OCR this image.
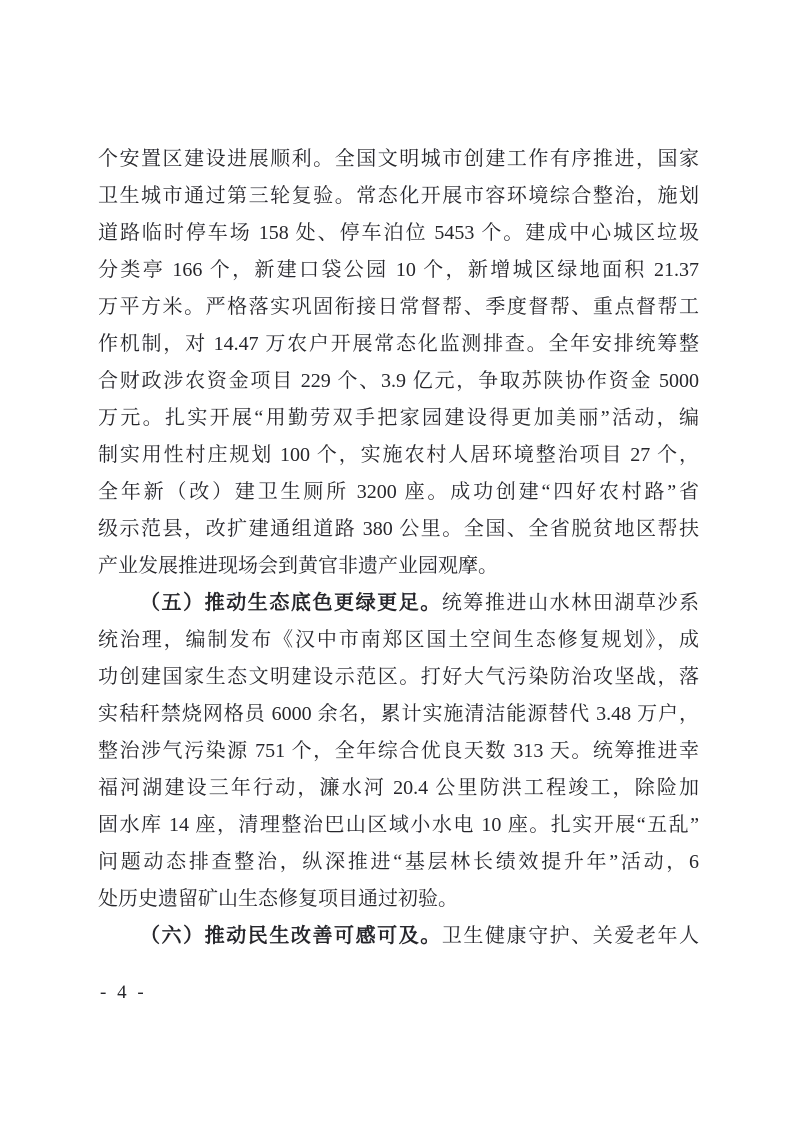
个安置区建设进展顺利。全国文明城市创建工作有序推进，国家
卫生城市通过第三轮复验。常态化开展市容环境综合整治，施划
道路临时停车场 158 处、停车泊位 5453 个。建成中心城区垃圾
分类亭 166 个，新建口袋公园 10 个，新增城区绿地面积 21.37
万平方米。严格落实巩固衔接日常督帮、季度督帮、重点督帮工
作机制，对 14.47 万农户开展常态化监测排查。全年安排统筹整
合财政涉农资金项目 229 个、3.9 亿元，争取苏陕协作资金 5000
万元。扎实开展“用勤劳双手把家园建设得更加美丽”活动，编
制实用性村庄规划 100 个，实施农村人居环境整治项目 27 个，
全年新（改）建卫生厕所 3200 座。成功创建“四好农村路”省
级示范县，改扩建通组道路 380 公里。全国、全省脱贫地区帮扶
产业发展推进现场会到黄官非遗产业园观摩。
（五）推动生态底色更绿更足。统筹推进山水林田湖草沙系
统治理，编制发布《汉中市南郑区国土空间生态修复规划》，成
功创建国家生态文明建设示范区。打好大气污染防治攻坚战，落
实秸秆禁烧网格员 6000 余名，累计实施清洁能源替代 3.48 万户，
整治涉气污染源 751 个，全年综合优良天数 313 天。统筹推进幸
福河湖建设三年行动，濂水河 20.4 公里防洪工程竣工，除险加
固水库 14 座，清理整治巴山区域小水电 10 座。扎实开展“五乱”
问题动态排查整治，纵深推进“基层林长绩效提升年”活动，6
处历史遗留矿山生态修复项目通过初验。
（六）推动民生改善可感可及。卫生健康守护、关爱老年人
- 4 -
